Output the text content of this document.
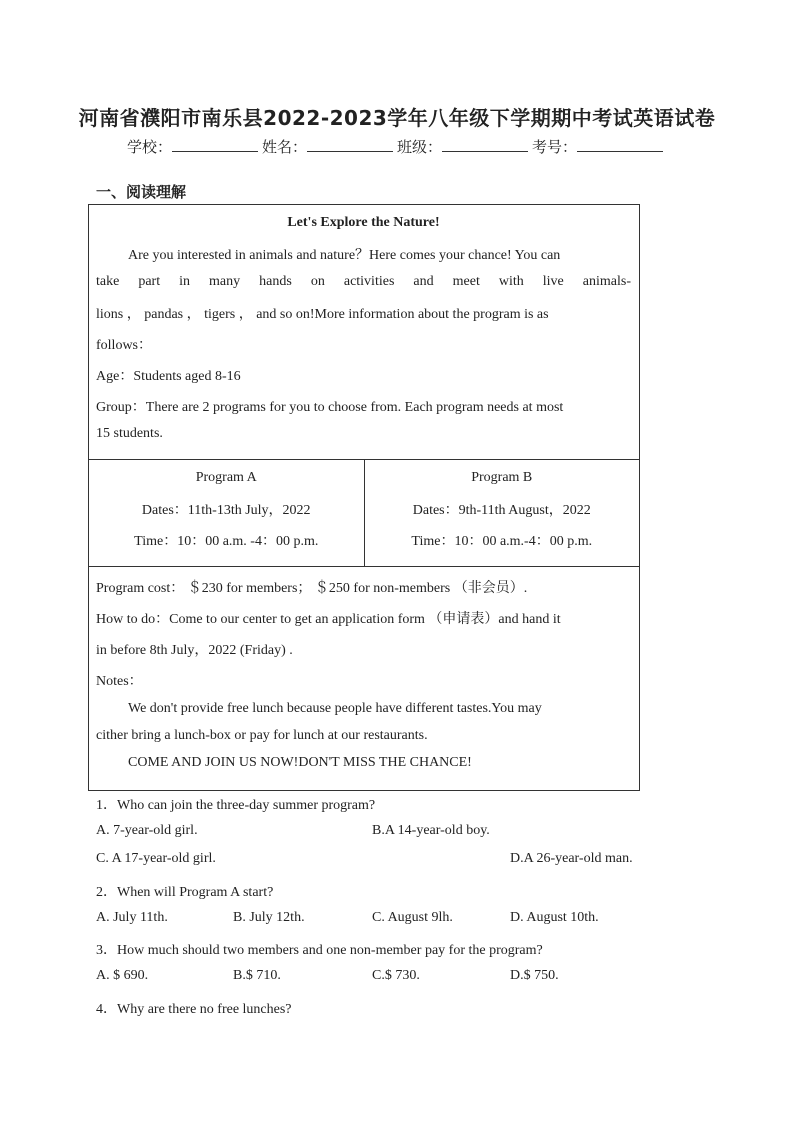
河南省濮阳市南乐县2022-2023学年八年级下学期期中考试英语试卷
学校：	姓名：	班级：	考号：
一、阅读理解
Let's Explore the Nature!
Are you interested in animals and nature？Here comes your chance! You can
take part in many hands on activities and meet with live animals-
lions ， pandas ， tigers ， and so on!More information about the program is as
follows：
Age：Students aged 8-16
Group：There are 2 programs for you to choose from. Each program needs at most
15 students.
Program A
Dates：11th-13th July，2022
Time：10：00 a.m. -4：00 p.m.
Program B
Dates：9th-11th August，2022
Time：10：00 a.m.-4：00 p.m.
Program cost： ＄230 for members； ＄250 for non-members （非会员）.
How to do：Come to our center to get an application form （申请表）and hand it
in before 8th July，2022 (Friday) .
Notes：
We don't provide free lunch because people have different tastes.You may
cither bring a lunch-box or pay for lunch at our restaurants.
COME AND JOIN US NOW!DON'T MISS THE CHANCE!
1．Who can join the three-day summer program?
A. 7-year-old girl.	B.A 14-year-old boy.
C. A 17-year-old girl.	D.A 26-year-old man.
2．When will Program A start?
A. July 11th.	B. July 12th.	C. August 9lh.	D. August 10th.
3．How much should two members and one non-member pay for the program?
A. $ 690.	B.$ 710.	C.$ 730.	D.$ 750.
4．Why are there no free lunches?
